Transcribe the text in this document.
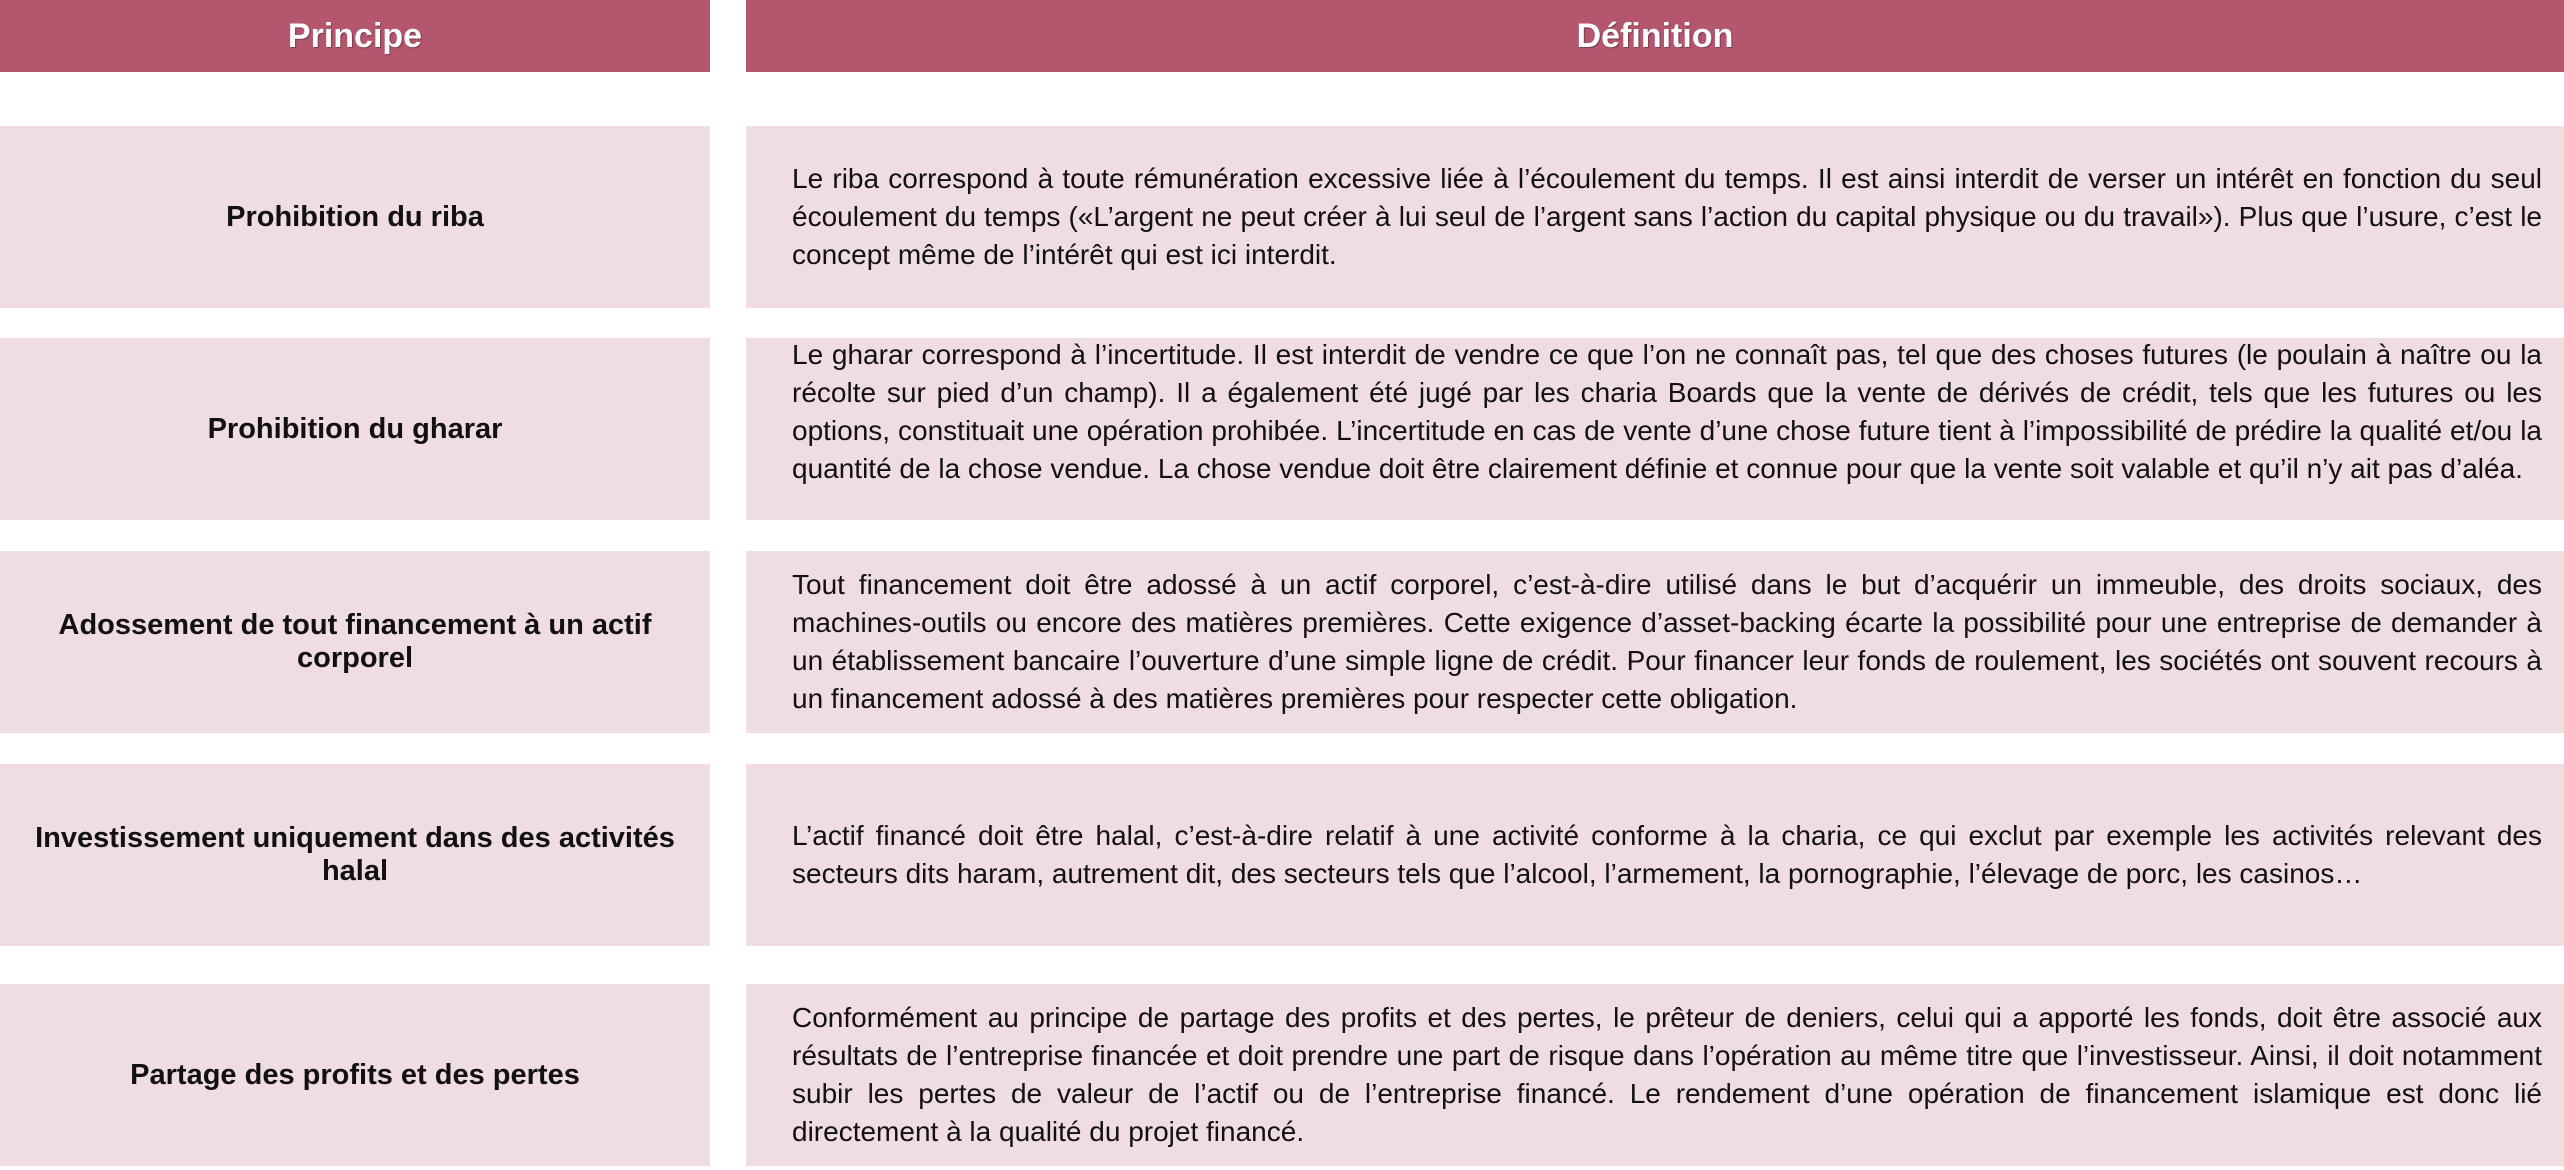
Principe	Définition
Prohibition du riba

Le riba correspond à toute rémunération excessive liée à l’écoulement du temps. Il est ainsi interdit de verser un intérêt en fonction du seul écoulement du temps («L’argent ne peut créer à lui seul de l’argent sans l’action du capital physique ou du travail»). Plus que l’usure, c’est le concept même de l’intérêt qui est ici interdit.

Prohibition du gharar

Le gharar correspond à l’incertitude. Il est interdit de vendre ce que l’on ne connaît pas, tel que des choses futures (le poulain à naître ou la récolte sur pied d’un champ). Il a également été jugé par les charia Boards que la vente de dérivés de crédit, tels que les futures ou les options, constituait une opération prohibée. L’incertitude en cas de vente d’une chose future tient à l’impossibilité de prédire la qualité et/ou la quantité de la chose vendue. La chose vendue doit être clairement définie et connue pour que la vente soit valable et qu’il n’y ait pas d’aléa.

Adossement de tout financement à un actif corporel

Tout financement doit être adossé à un actif corporel, c’est-à-dire utilisé dans le but d’acquérir un immeuble, des droits sociaux, des machines-outils ou encore des matières premières. Cette exigence d’asset-backing écarte la possibilité pour une entreprise de demander à un établissement bancaire l’ouverture d’une simple ligne de crédit. Pour financer leur fonds de roulement, les sociétés ont souvent recours à un financement adossé à des matières premières pour respecter cette obligation.

Investissement uniquement dans des activités halal

L’actif financé doit être halal, c’est-à-dire relatif à une activité conforme à la charia, ce qui exclut par exemple les activités relevant des secteurs dits haram, autrement dit, des secteurs tels que l’alcool, l’armement, la pornographie, l’élevage de porc, les casinos…

Partage des profits et des pertes

Conformément au principe de partage des profits et des pertes, le prêteur de deniers, celui qui a apporté les fonds, doit être associé aux résultats de l’entreprise financée et doit prendre une part de risque dans l’opération au même titre que l’investisseur. Ainsi, il doit notamment subir les pertes de valeur de l’actif ou de l’entreprise financé. Le rendement d’une opération de financement islamique est donc lié directement à la qualité du projet financé.
